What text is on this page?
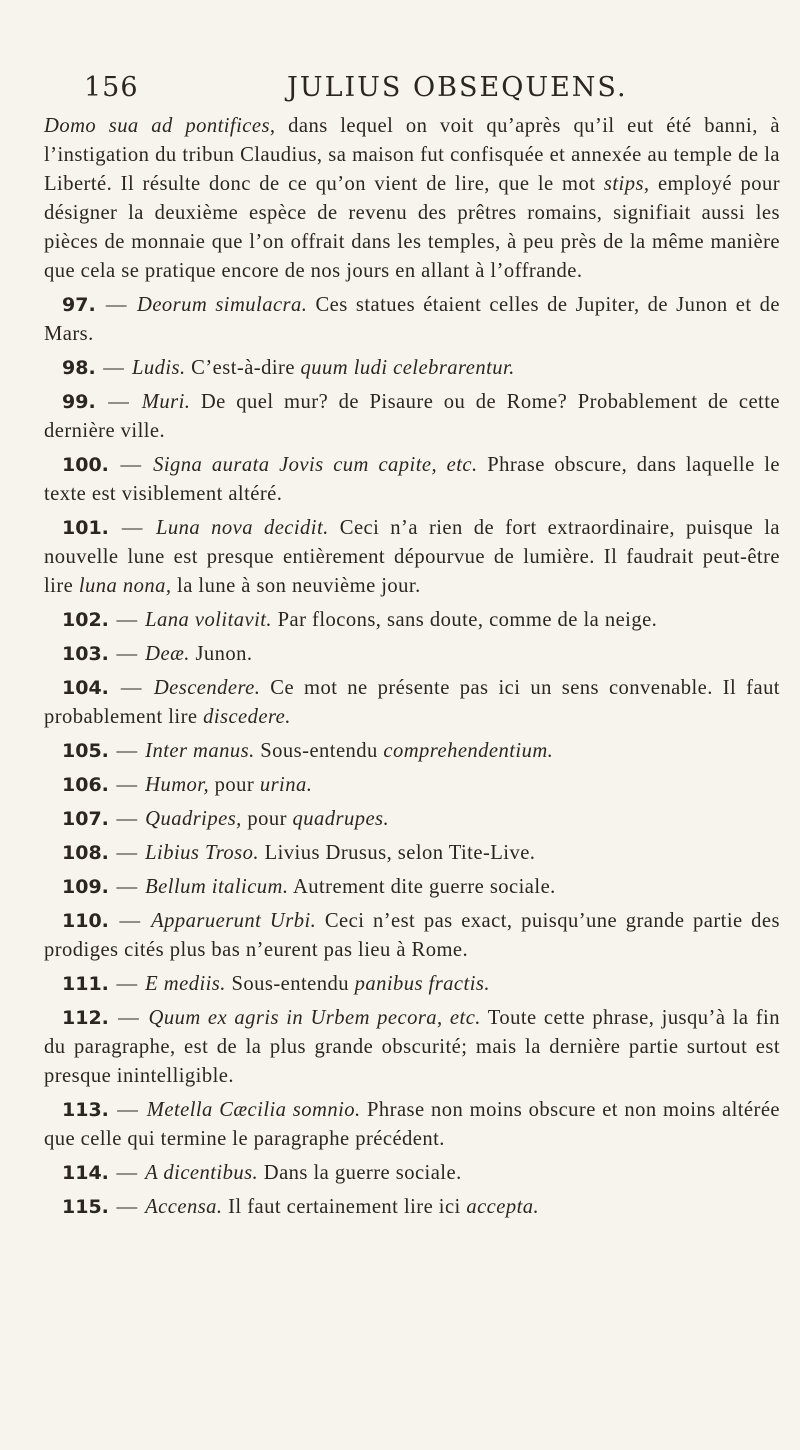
156	JULIUS OBSEQUENS.

Domo sua ad pontifices, dans lequel on voit qu’après qu’il eut été banni, à l’instigation du tribun Claudius, sa maison fut confisquée et annexée au temple de la Liberté. Il résulte donc de ce qu’on vient de lire, que le mot stips, employé pour désigner la deuxième espèce de revenu des prêtres romains, signifiait aussi les pièces de monnaie que l’on offrait dans les temples, à peu près de la même manière que cela se pratique encore de nos jours en allant à l’offrande.

97. — Deorum simulacra. Ces statues étaient celles de Jupiter, de Junon et de Mars.

98. — Ludis. C’est-à-dire quum ludi celebrarentur.

99. — Muri. De quel mur? de Pisaure ou de Rome? Probablement de cette dernière ville.

100. — Signa aurata Jovis cum capite, etc. Phrase obscure, dans laquelle le texte est visiblement altéré.

101. — Luna nova decidit. Ceci n’a rien de fort extraordinaire, puisque la nouvelle lune est presque entièrement dépourvue de lumière. Il faudrait peut-être lire luna nona, la lune à son neuvième jour.

102. — Lana volitavit. Par flocons, sans doute, comme de la neige.

103. — Deæ. Junon.

104. — Descendere. Ce mot ne présente pas ici un sens convenable. Il faut probablement lire discedere.

105. — Inter manus. Sous-entendu comprehendentium.

106. — Humor, pour urina.

107. — Quadripes, pour quadrupes.

108. — Libius Troso. Livius Drusus, selon Tite-Live.

109. — Bellum italicum. Autrement dite guerre sociale.

110. — Apparuerunt Urbi. Ceci n’est pas exact, puisqu’une grande partie des prodiges cités plus bas n’eurent pas lieu à Rome.

111. — E mediis. Sous-entendu panibus fractis.

112. — Quum ex agris in Urbem pecora, etc. Toute cette phrase, jusqu’à la fin du paragraphe, est de la plus grande obscurité; mais la dernière partie surtout est presque inintelligible.

113. — Metella Cæcilia somnio. Phrase non moins obscure et non moins altérée que celle qui termine le paragraphe précédent.

114. — A dicentibus. Dans la guerre sociale.

115. — Accensa. Il faut certainement lire ici accepta.
